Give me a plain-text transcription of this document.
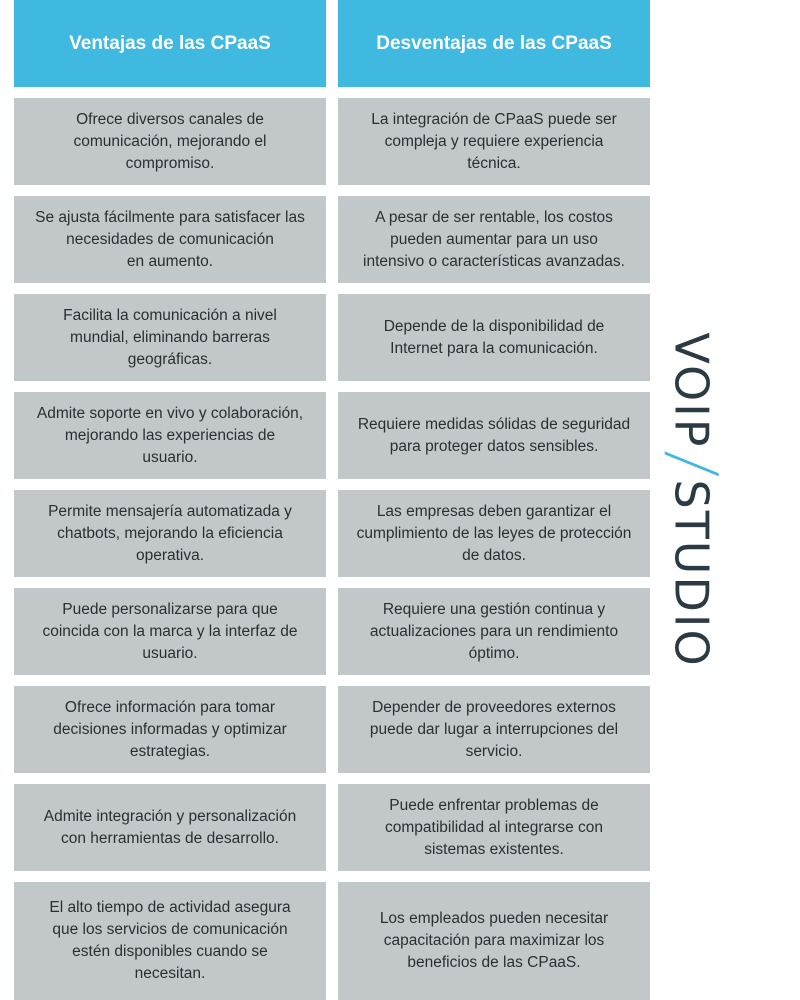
Ventajas de las CPaaS	Desventajas de las CPaaS
Ofrece diversos canales de
comunicación, mejorando el
compromiso.
La integración de CPaaS puede ser
compleja y requiere experiencia
técnica.
Se ajusta fácilmente para satisfacer las
necesidades de comunicación
en aumento.
A pesar de ser rentable, los costos
pueden aumentar para un uso
intensivo o características avanzadas.
Facilita la comunicación a nivel
mundial, eliminando barreras
geográficas.
Depende de la disponibilidad de
Internet para la comunicación.
Admite soporte en vivo y colaboración,
mejorando las experiencias de
usuario.
Requiere medidas sólidas de seguridad
para proteger datos sensibles.
Permite mensajería automatizada y
chatbots, mejorando la eficiencia
operativa.
Las empresas deben garantizar el
cumplimiento de las leyes de protección
de datos.
Puede personalizarse para que
coincida con la marca y la interfaz de
usuario.
Requiere una gestión continua y
actualizaciones para un rendimiento
óptimo.
Ofrece información para tomar
decisiones informadas y optimizar
estrategias.
Depender de proveedores externos
puede dar lugar a interrupciones del
servicio.
Admite integración y personalización
con herramientas de desarrollo.
Puede enfrentar problemas de
compatibilidad al integrarse con
sistemas existentes.
El alto tiempo de actividad asegura
que los servicios de comunicación
estén disponibles cuando se
necesitan.
Los empleados pueden necesitar
capacitación para maximizar los
beneficios de las CPaaS.
VOIP
STUDIO
